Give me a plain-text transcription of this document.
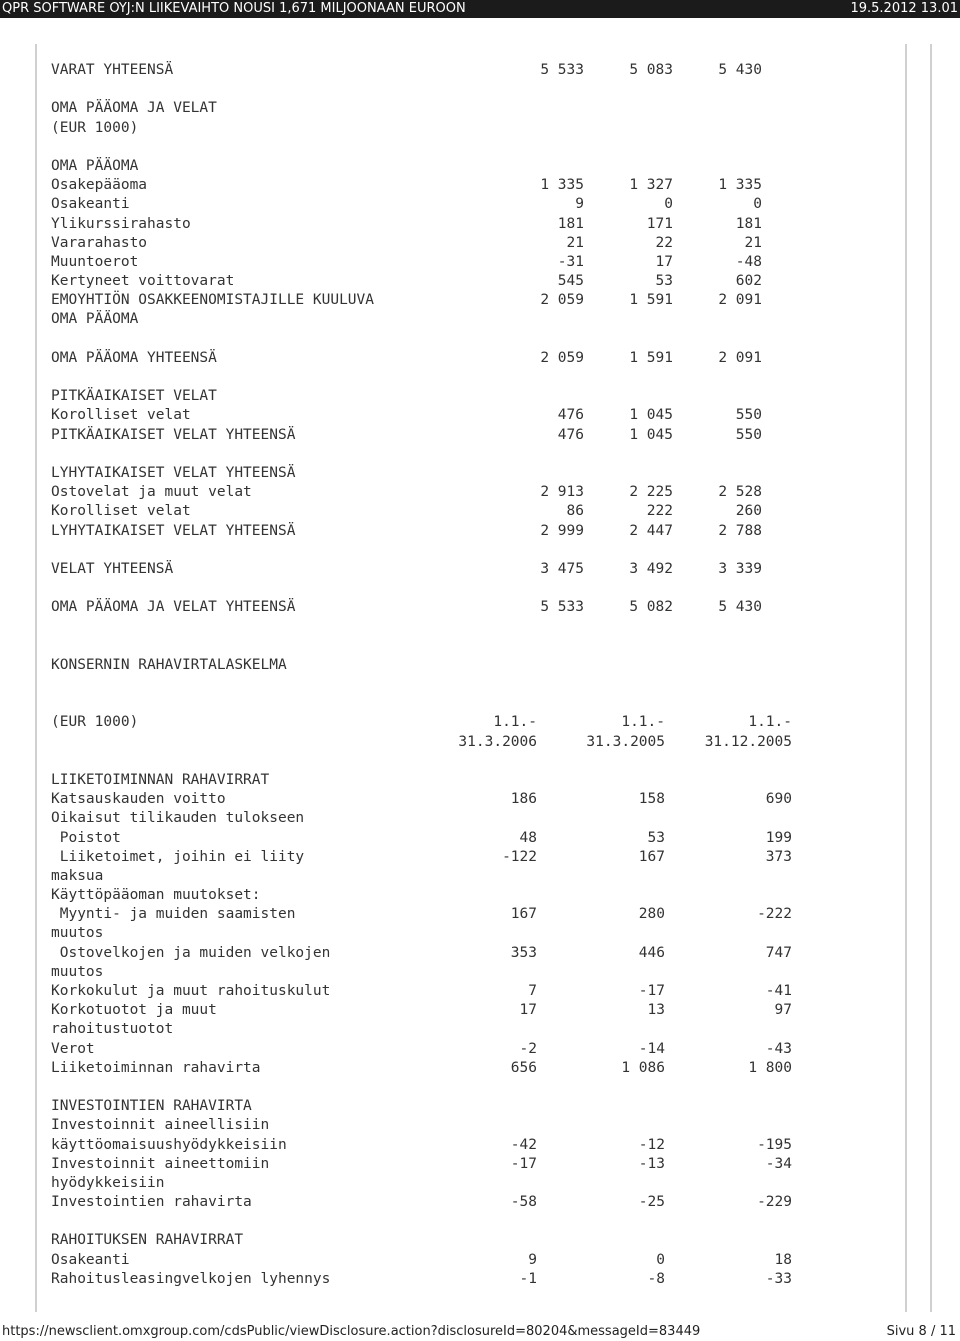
QPR SOFTWARE OYJ:N LIIKEVAIHTO NOUSI 1,671 MILJOONAAN EUROON	19.5.2012 13.01
VARAT YHTEENSÄ	5 533	5 083	5 430
OMA PÄÄOMA JA VELAT
(EUR 1000)
OMA PÄÄOMA
Osakepääoma	1 335	1 327	1 335
Osakeanti	9	0	0
Ylikurssirahasto	181	171	181
Vararahasto	21	22	21
Muuntoerot	-31	17	-48
Kertyneet voittovarat	545	53	602
EMOYHTIÖN OSAKKEENOMISTAJILLE KUULUVA	2 059	1 591	2 091
OMA PÄÄOMA
OMA PÄÄOMA YHTEENSÄ	2 059	1 591	2 091
PITKÄAIKAISET VELAT
Korolliset velat	476	1 045	550
PITKÄAIKAISET VELAT YHTEENSÄ	476	1 045	550
LYHYTAIKAISET VELAT YHTEENSÄ
Ostovelat ja muut velat	2 913	2 225	2 528
Korolliset velat	86	222	260
LYHYTAIKAISET VELAT YHTEENSÄ	2 999	2 447	2 788
VELAT YHTEENSÄ	3 475	3 492	3 339
OMA PÄÄOMA JA VELAT YHTEENSÄ	5 533	5 082	5 430
KONSERNIN RAHAVIRTALASKELMA
(EUR 1000)	1.1.-	1.1.-	1.1.-
31.3.2006	31.3.2005	31.12.2005
LIIKETOIMINNAN RAHAVIRRAT
Katsauskauden voitto	186	158	690
Oikaisut tilikauden tulokseen
Poistot	48	53	199
Liiketoimet, joihin ei liity	-122	167	373
maksua
Käyttöpääoman muutokset:
Myynti- ja muiden saamisten	167	280	-222
muutos
Ostovelkojen ja muiden velkojen	353	446	747
muutos
Korkokulut ja muut rahoituskulut	7	-17	-41
Korkotuotot ja muut	17	13	97
rahoitustuotot
Verot	-2	-14	-43
Liiketoiminnan rahavirta	656	1 086	1 800
INVESTOINTIEN RAHAVIRTA
Investoinnit aineellisiin
käyttöomaisuushyödykkeisiin	-42	-12	-195
Investoinnit aineettomiin	-17	-13	-34
hyödykkeisiin
Investointien rahavirta	-58	-25	-229
RAHOITUKSEN RAHAVIRRAT
Osakeanti	9	0	18
Rahoitusleasingvelkojen lyhennys	-1	-8	-33
https://newsclient.omxgroup.com/cdsPublic/viewDisclosure.action?disclosureId=80204&messageId=83449	Sivu 8 / 11
